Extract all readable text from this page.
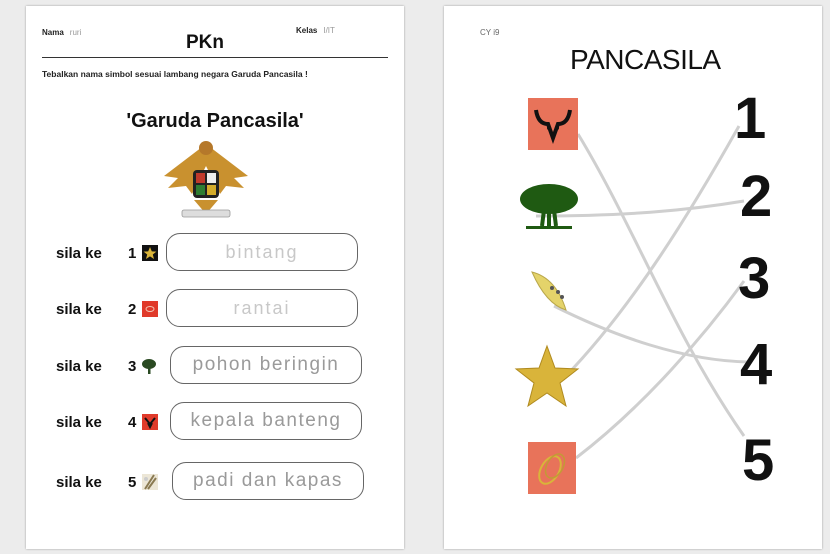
Nama ruri	PKn
Kelas I/IT
Tebalkan nama simbol sesuai lambang negara Garuda Pancasila !
'Garuda Pancasila'
sila ke 1	bintang
sila ke 2	rantai
sila ke 3	pohon beringin
sila ke 4	kepala banteng
sila ke 5	padi dan kapas
CY i9
PANCASILA
1
2
3
4
5
